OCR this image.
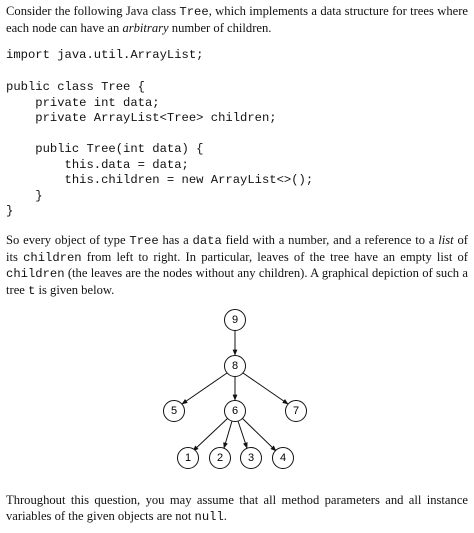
Consider the following Java class Tree, which implements a data structure for trees where each node can have an arbitrary number of children.
import java.util.ArrayList;
public class Tree {
private int data;
private ArrayList<Tree> children;

public Tree(int data) {
this.data = data;
this.children = new ArrayList<>();
}
}
So every object of type Tree has a data field with a number, and a reference to a list of its children from left to right. In particular, leaves of the tree have an empty list of children (the leaves are the nodes without any children). A graphical depiction of such a tree t is given below.
9
8
5	6	7
1 2 3 4
Throughout this question, you may assume that all method parameters and all instance variables of the given objects are not null.
